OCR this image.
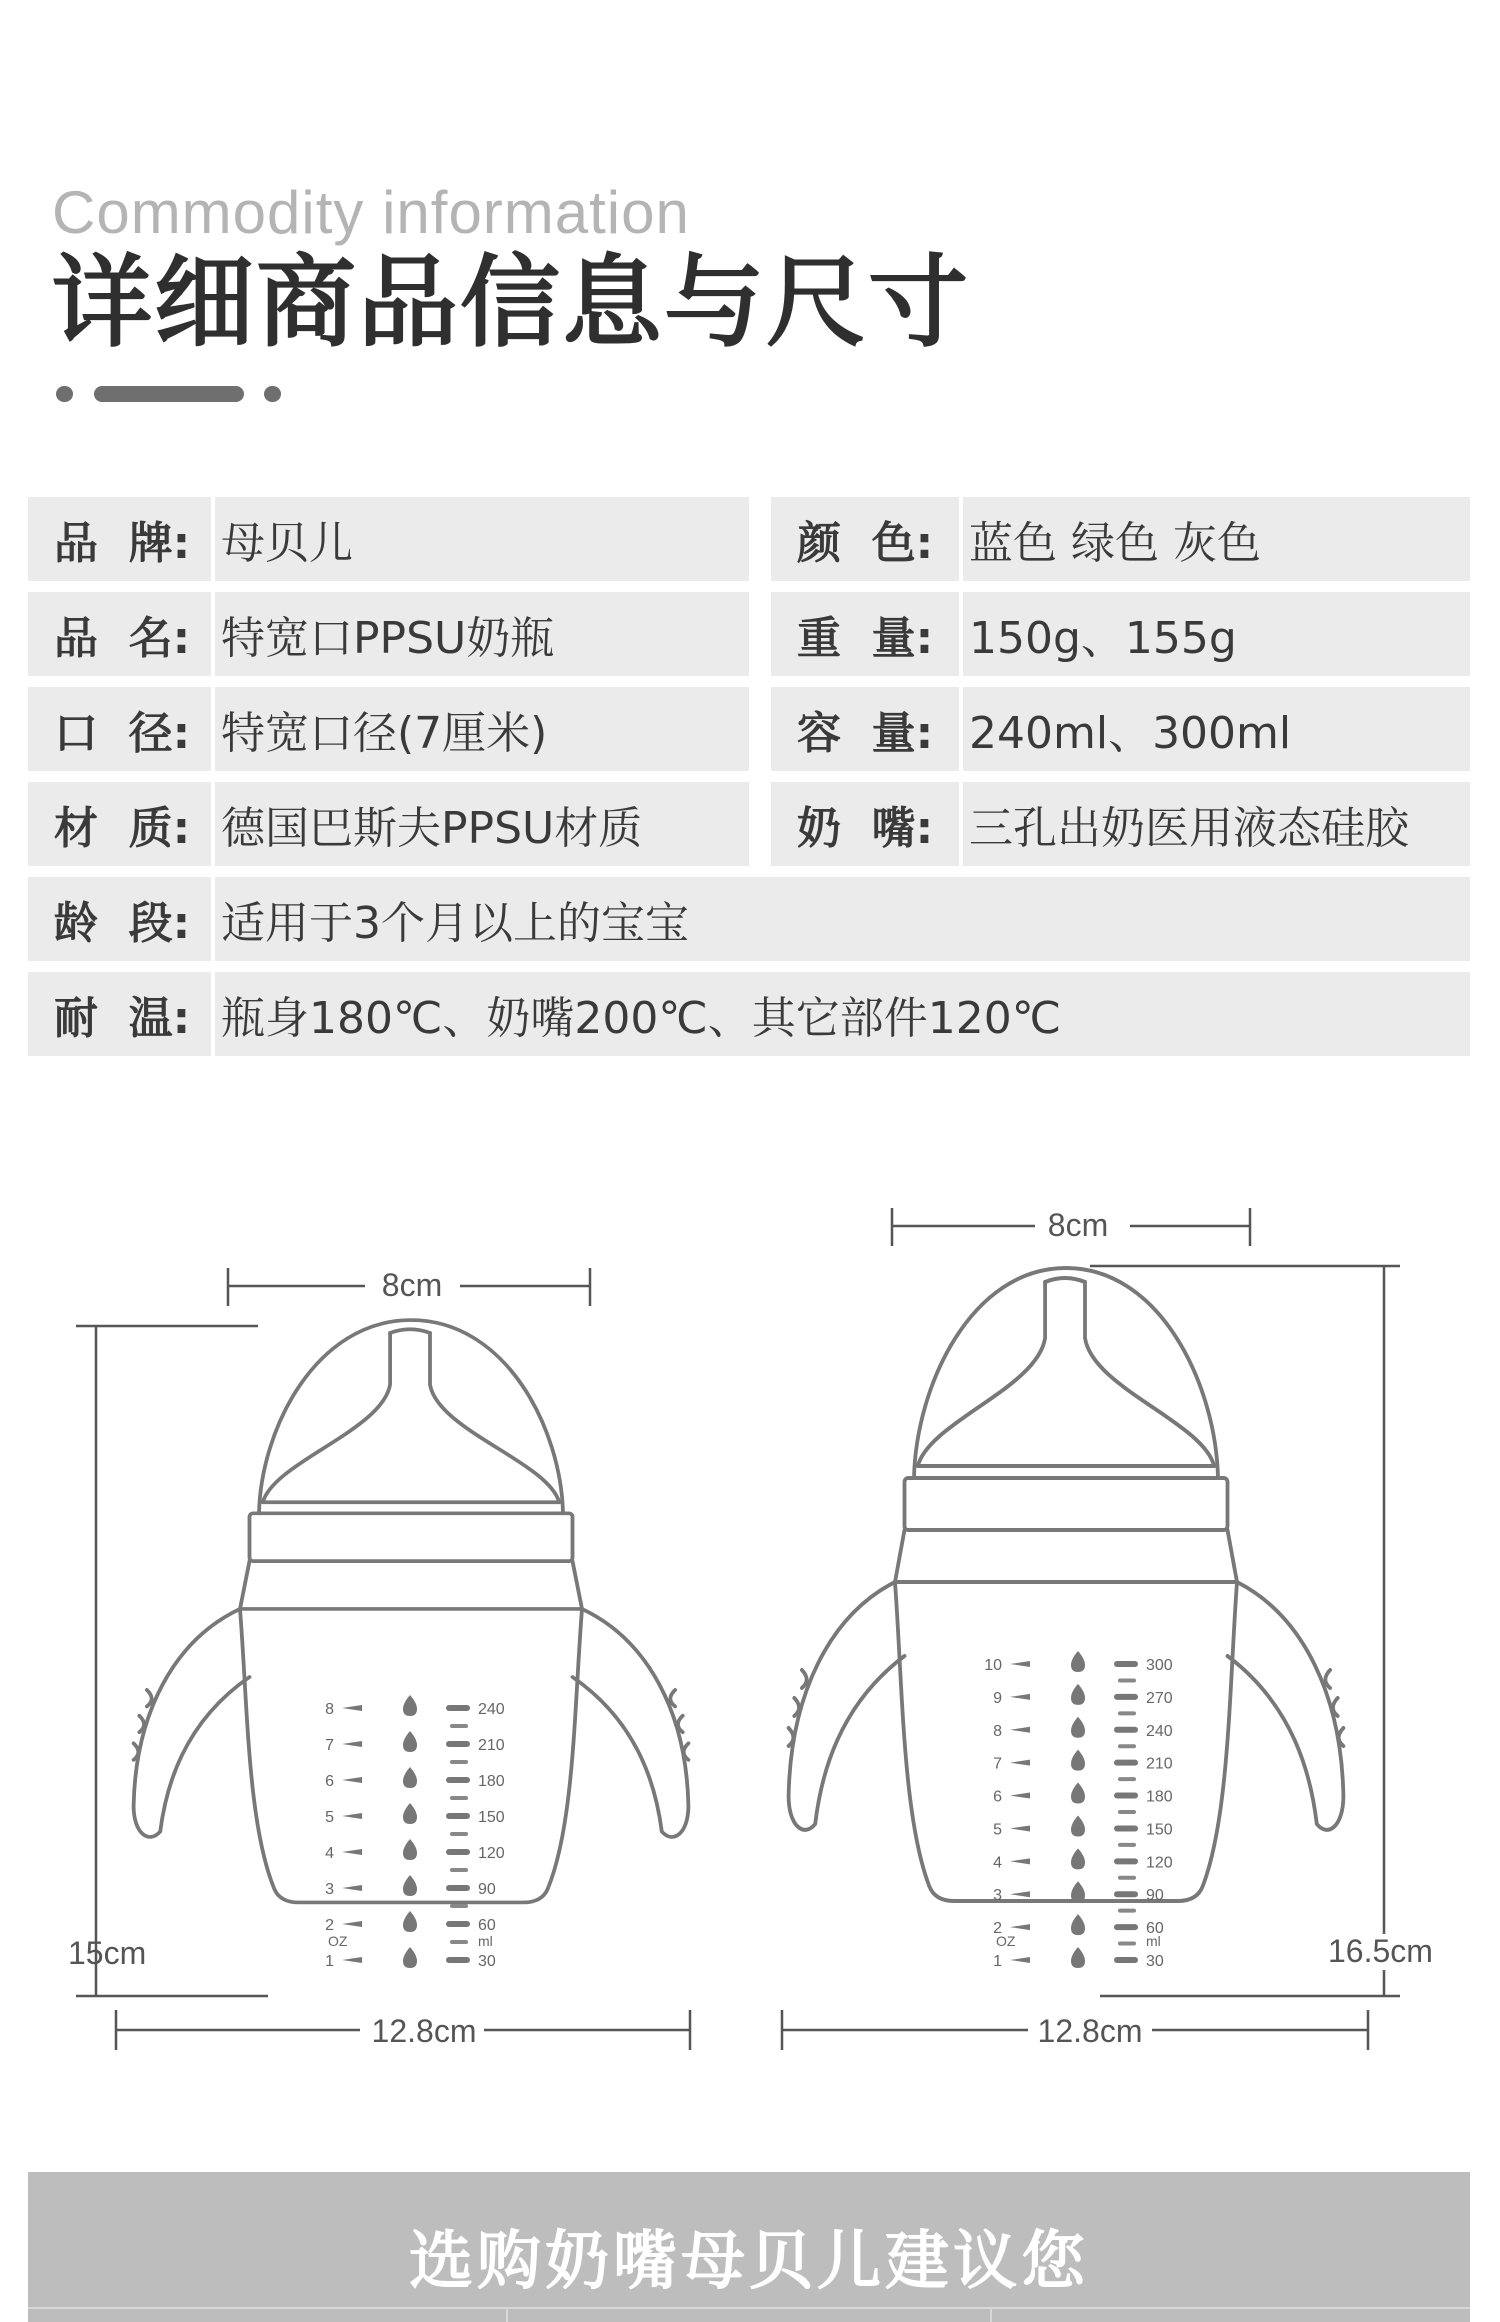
Commodity information
详细商品信息与尺寸
品  牌: 母贝儿	颜  色: 蓝色 绿色 灰色
品  名: 特宽口PPSU奶瓶	重  量: 150g、155g
口  径: 特宽口径(7厘米)	容  量: 240ml、300ml
材  质: 德国巴斯夫PPSU材质	奶  嘴: 三孔出奶医用液态硅胶
龄  段: 适用于3个月以上的宝宝
耐  温: 瓶身180℃、奶嘴200℃、其它部件120℃
1	30
2	60
3	90
4	120
5	150
6	180
7	210
8	240
OZ	ml
8cm
15cm
12.8cm
1	30
2	60
3	90
4	120
5	150
6	180
7	210
8	240
9	270
10	300
OZ	ml
8cm
16.5cm
12.8cm
选购奶嘴母贝儿建议您
